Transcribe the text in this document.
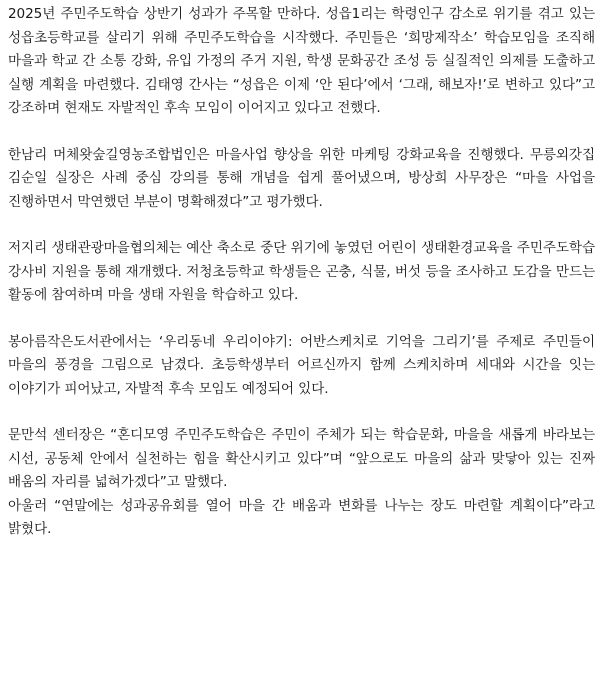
2025년 주민주도학습 상반기 성과가 주목할 만하다. 성읍1리는 학령인구 감소로 위기를 겪고 있는 성읍초등학교를 살리기 위해 주민주도학습을 시작했다. 주민들은 ‘희망제작소’ 학습모임을 조직해 마을과 학교 간 소통 강화, 유입 가정의 주거 지원, 학생 문화공간 조성 등 실질적인 의제를 도출하고 실행 계획을 마련했다. 김태영 간사는 “성읍은 이제 ‘안 된다’에서 ‘그래, 해보자!’로 변하고 있다”고 강조하며 현재도 자발적인 후속 모임이 이어지고 있다고 전했다.

한남리 머체왓숲길영농조합법인은 마을사업 향상을 위한 마케팅 강화교육을 진행했다. 무릉외갓집 김순일 실장은 사례 중심 강의를 통해 개념을 쉽게 풀어냈으며, 방상희 사무장은 “마을 사업을 진행하면서 막연했던 부분이 명확해졌다”고 평가했다.

저지리 생태관광마을협의체는 예산 축소로 중단 위기에 놓였던 어린이 생태환경교육을 주민주도학습 강사비 지원을 통해 재개했다. 저청초등학교 학생들은 곤충, 식물, 버섯 등을 조사하고 도감을 만드는 활동에 참여하며 마을 생태 자원을 학습하고 있다.

봉아름작은도서관에서는 ‘우리동네 우리이야기: 어반스케치로 기억을 그리기’를 주제로 주민들이 마을의 풍경을 그림으로 남겼다. 초등학생부터 어르신까지 함께 스케치하며 세대와 시간을 잇는 이야기가 피어났고, 자발적 후속 모임도 예정되어 있다.

문만석 센터장은 “혼디모영 주민주도학습은 주민이 주체가 되는 학습문화, 마을을 새롭게 바라보는 시선, 공동체 안에서 실천하는 힘을 확산시키고 있다”며 “앞으로도 마을의 삶과 맞닿아 있는 진짜 배움의 자리를 넓혀가겠다”고 말했다.

아울러 “연말에는 성과공유회를 열어 마을 간 배움과 변화를 나누는 장도 마련할 계획이다”라고 밝혔다.
